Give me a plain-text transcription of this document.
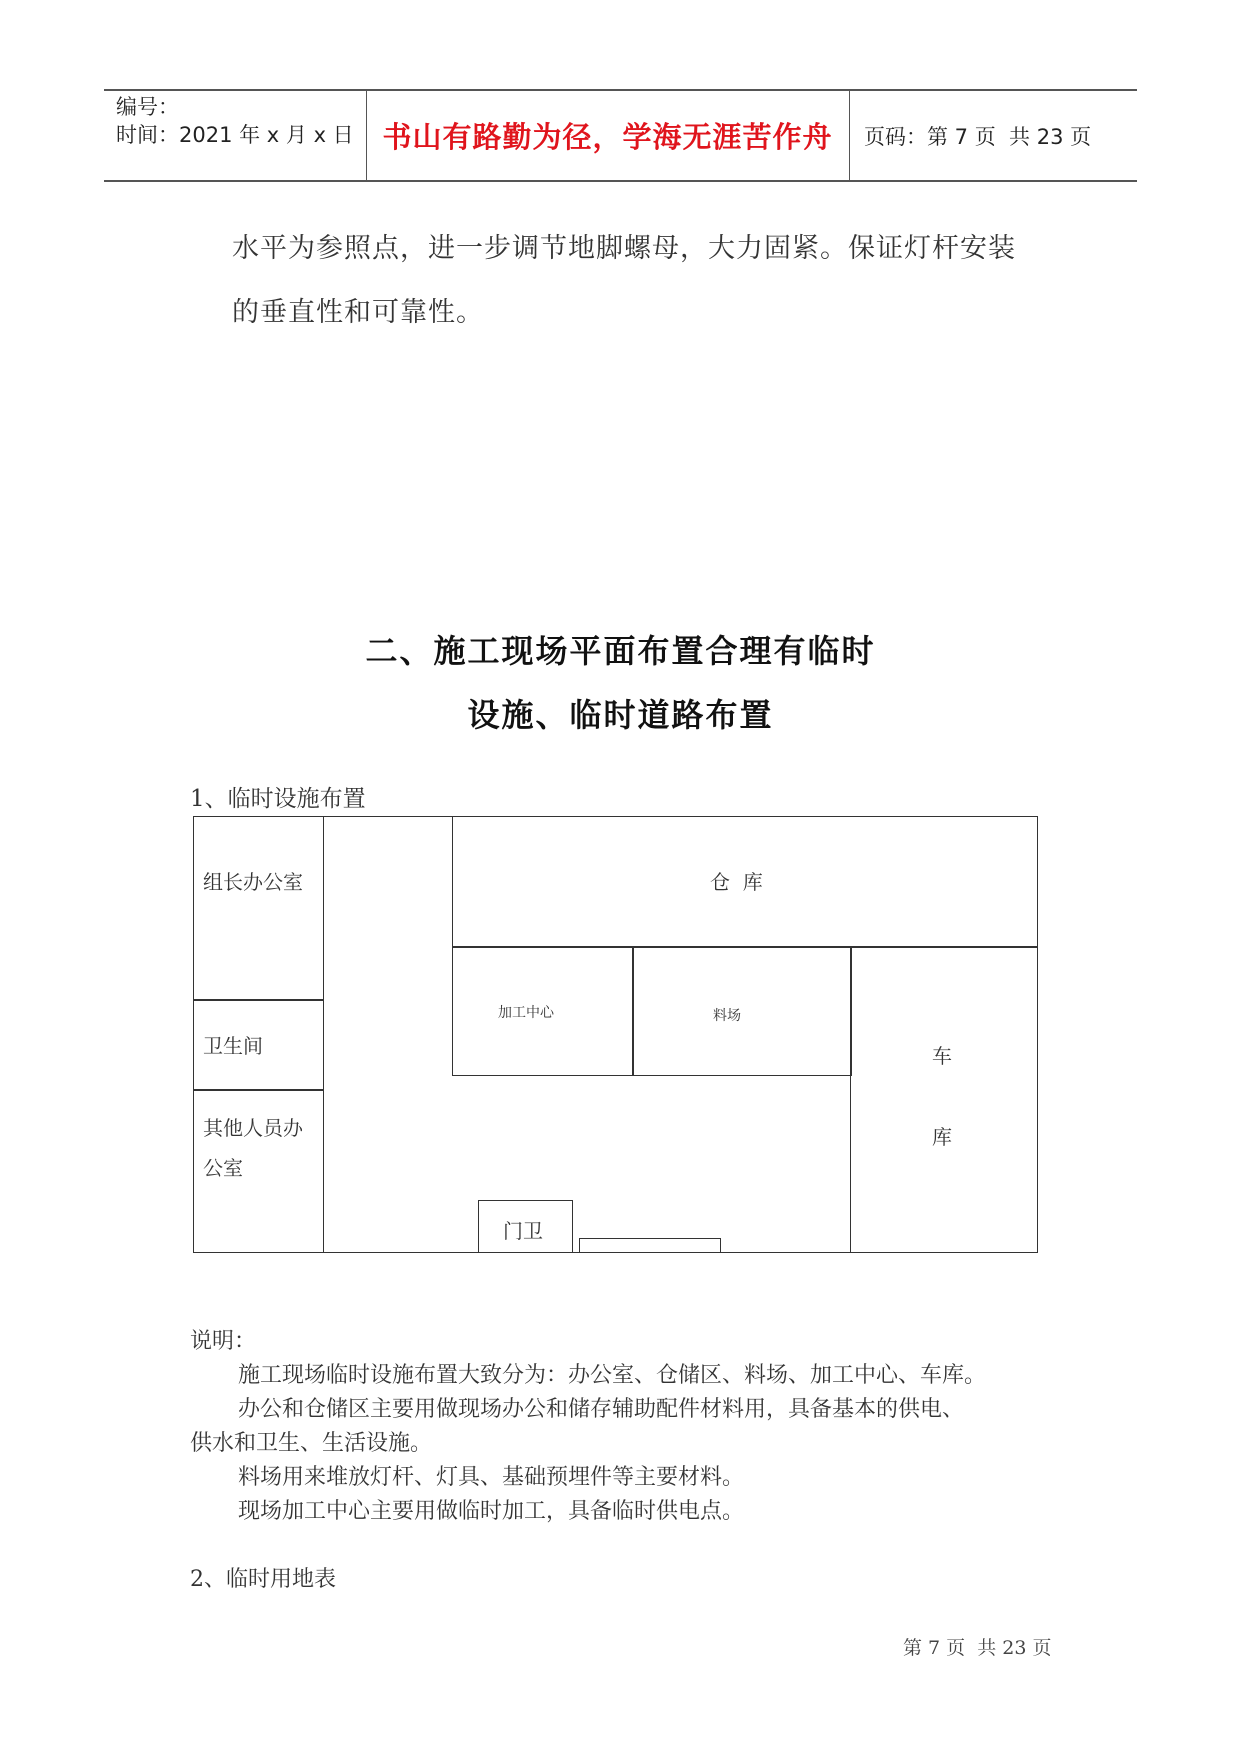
编号：
时间：2021 年 x 月 x 日 书山有路勤为径，学海无涯苦作舟	页码：第 7 页  共 23 页
水平为参照点，进一步调节地脚螺母，大力固紧。保证灯杆安装
的垂直性和可靠性。
二、施工现场平面布置合理有临时
设施、临时道路布置
1、临时设施布置
组长办公室
卫生间
其他人员办
公室
仓  库
加工中心	料场
车
库
门卫
说明：
施工现场临时设施布置大致分为：办公室、仓储区、料场、加工中心、车库。
办公和仓储区主要用做现场办公和储存辅助配件材料用，具备基本的供电、
供水和卫生、生活设施。
料场用来堆放灯杆、灯具、基础预埋件等主要材料。
现场加工中心主要用做临时加工，具备临时供电点。
2、临时用地表
第 7 页  共 23 页
